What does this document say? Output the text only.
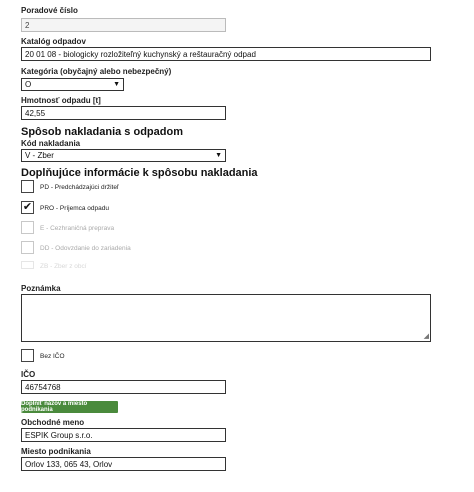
Poradové číslo
2
Katalóg odpadov
20 01 08 - biologicky rozložiteľný kuchynský a reštauračný odpad
Kategória (obyčajný alebo nebezpečný)
O	▼
Hmotnosť odpadu [t]
42,55
Spôsob nakladania s odpadom
Kód nakladania
V - Zber	▼
Doplňujúce informácie k spôsobu nakladania
PD - Predchádzajúci držiteľ
✔ PRO - Príjemca odpadu
E - Cezhraničná preprava
DD - Odovzdanie do zariadenia
ZB - Zber z obcí
Poznámka
◢
Bez IČO
IČO
46754768
Doplniť názov a miesto podnikania
Obchodné meno
ESPIK Group s.r.o.
Miesto podnikania
Orlov 133, 065 43, Orlov
